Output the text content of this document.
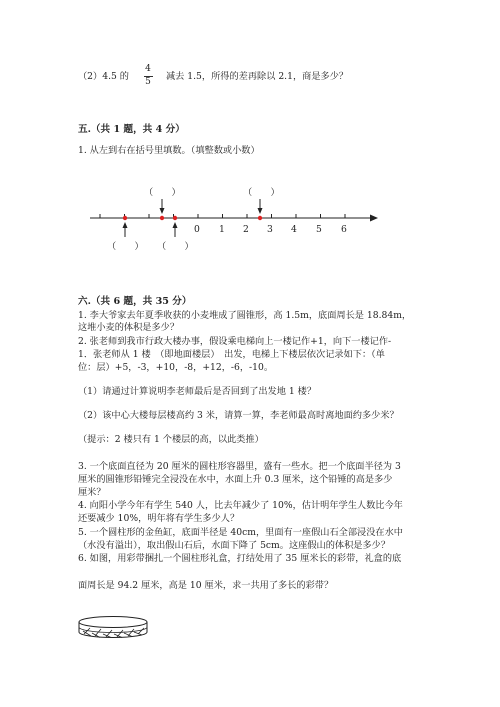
（2）4.5 的
4
5	减去 1.5，所得的差再除以 2.1，商是多少？
五.（共 1 题，共 4 分）
1. 从左到右在括号里填数。（填整数或小数）
0 1 2 3 4 5 6
（　　）	（　　）
（　　） （　　）
六.（共 6 题，共 35 分）
1. 李大爷家去年夏季收获的小麦堆成了圆锥形，高 1.5m，底面周长是 18.84m，
这堆小麦的体积是多少？
2. 张老师到我市行政大楼办事，假设乘电梯向上一楼记作+1，向下一楼记作-
1．张老师从 1 楼　（即地面楼层）　出发，电梯上下楼层依次记录如下：（单
位：层）+5，-3，+10，-8，+12，-6，-10。
（1）请通过计算说明李老师最后是否回到了出发地 1 楼？
（2）该中心大楼每层楼高约 3 米，请算一算，李老师最高时离地面约多少米？
（提示：2 楼只有 1 个楼层的高，以此类推）
3. 一个底面直径为 20 厘米的圆柱形容器里，盛有一些水。把一个底面半径为 3
厘米的圆锥形铅锤完全浸没在水中，水面上升 0.3 厘米，这个铅锤的高是多少
厘米？
4. 向阳小学今年有学生 540 人，比去年减少了 10%，估计明年学生人数比今年
还要减少 10%，明年将有学生多少人？
5. 一个圆柱形的金鱼缸，底面半径是 40cm，里面有一座假山石全部浸没在水中
（水没有溢出），取出假山石后，水面下降了 5cm。这座假山的体积是多少？
6. 如图，用彩带捆扎一个圆柱形礼盒，打结处用了 35 厘米长的彩带，礼盒的底
面周长是 94.2 厘米，高是 10 厘米，求一共用了多长的彩带？
